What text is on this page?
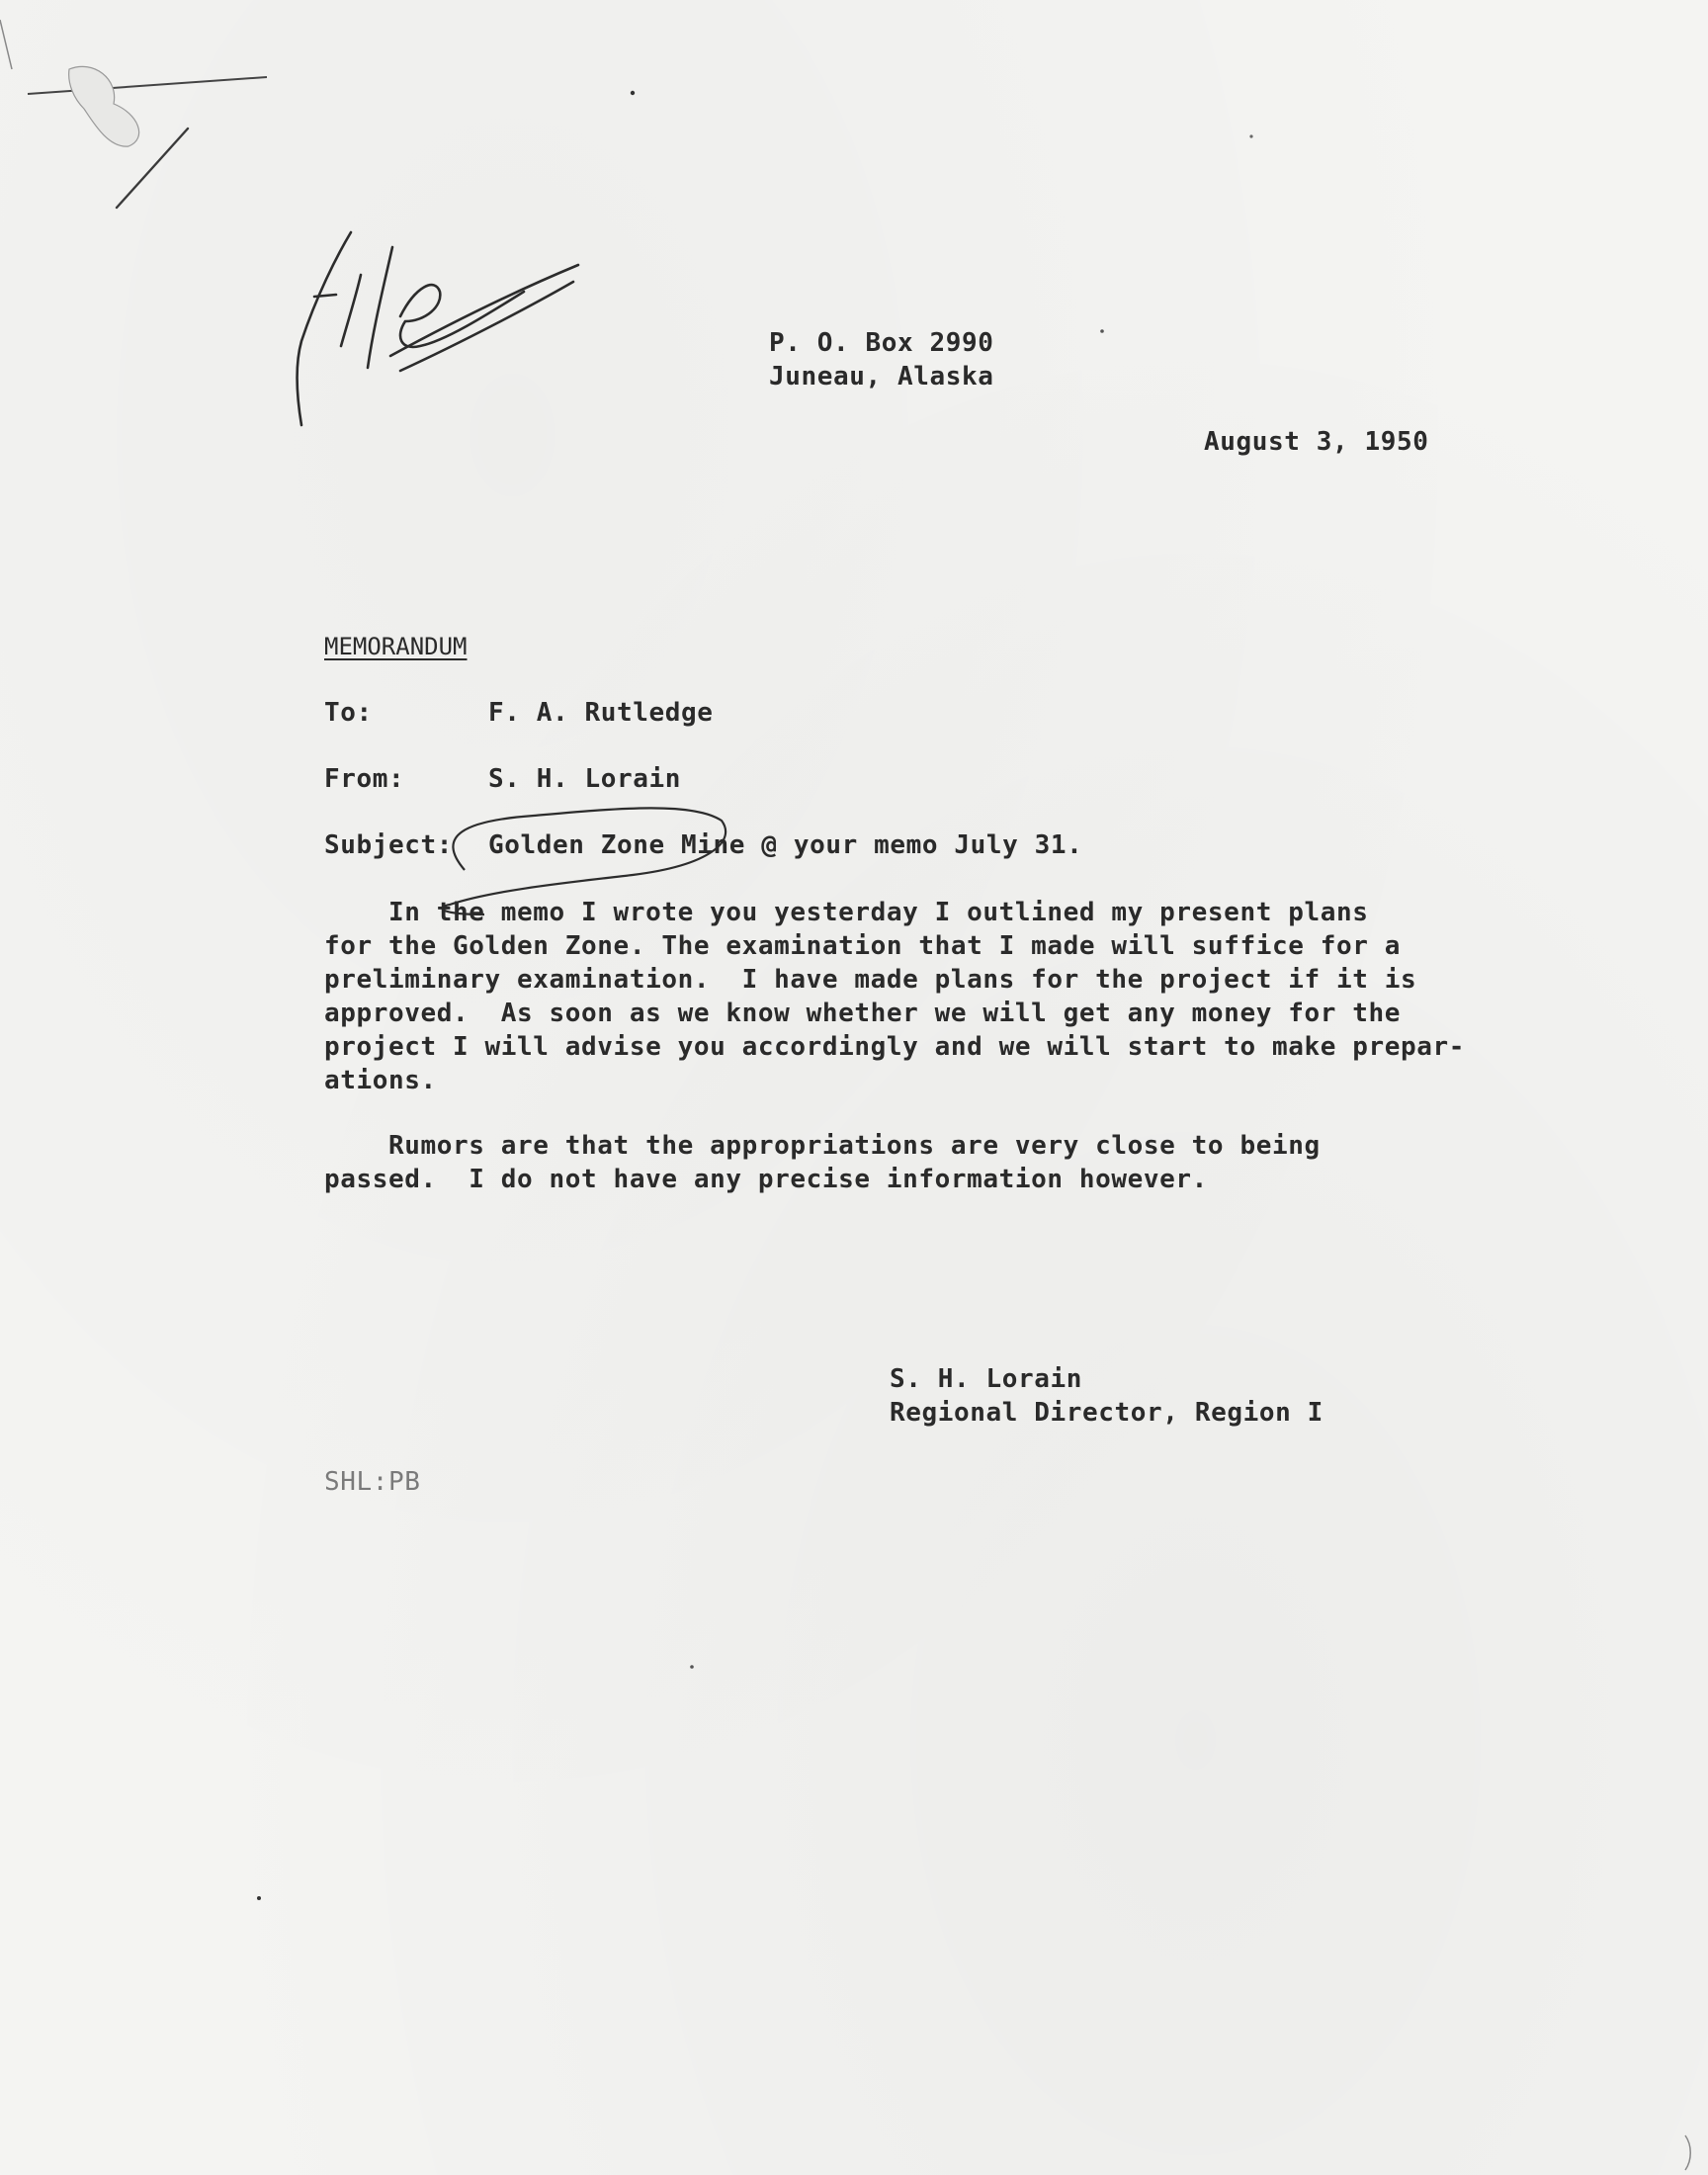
P. O. Box 2990
Juneau, Alaska
August 3, 1950
MEMORANDUM
To:	F. A. Rutledge
From:	S. H. Lorain
Subject: Golden Zone Mine @ your memo July 31.
In the memo I wrote you yesterday I outlined my present plans
for the Golden Zone. The examination that I made will suffice for a
preliminary examination.  I have made plans for the project if it is
approved.  As soon as we know whether we will get any money for the
project I will advise you accordingly and we will start to make prepar-
ations.
Rumors are that the appropriations are very close to being
passed.  I do not have any precise information however.
S. H. Lorain
Regional Director, Region I
SHL:PB
